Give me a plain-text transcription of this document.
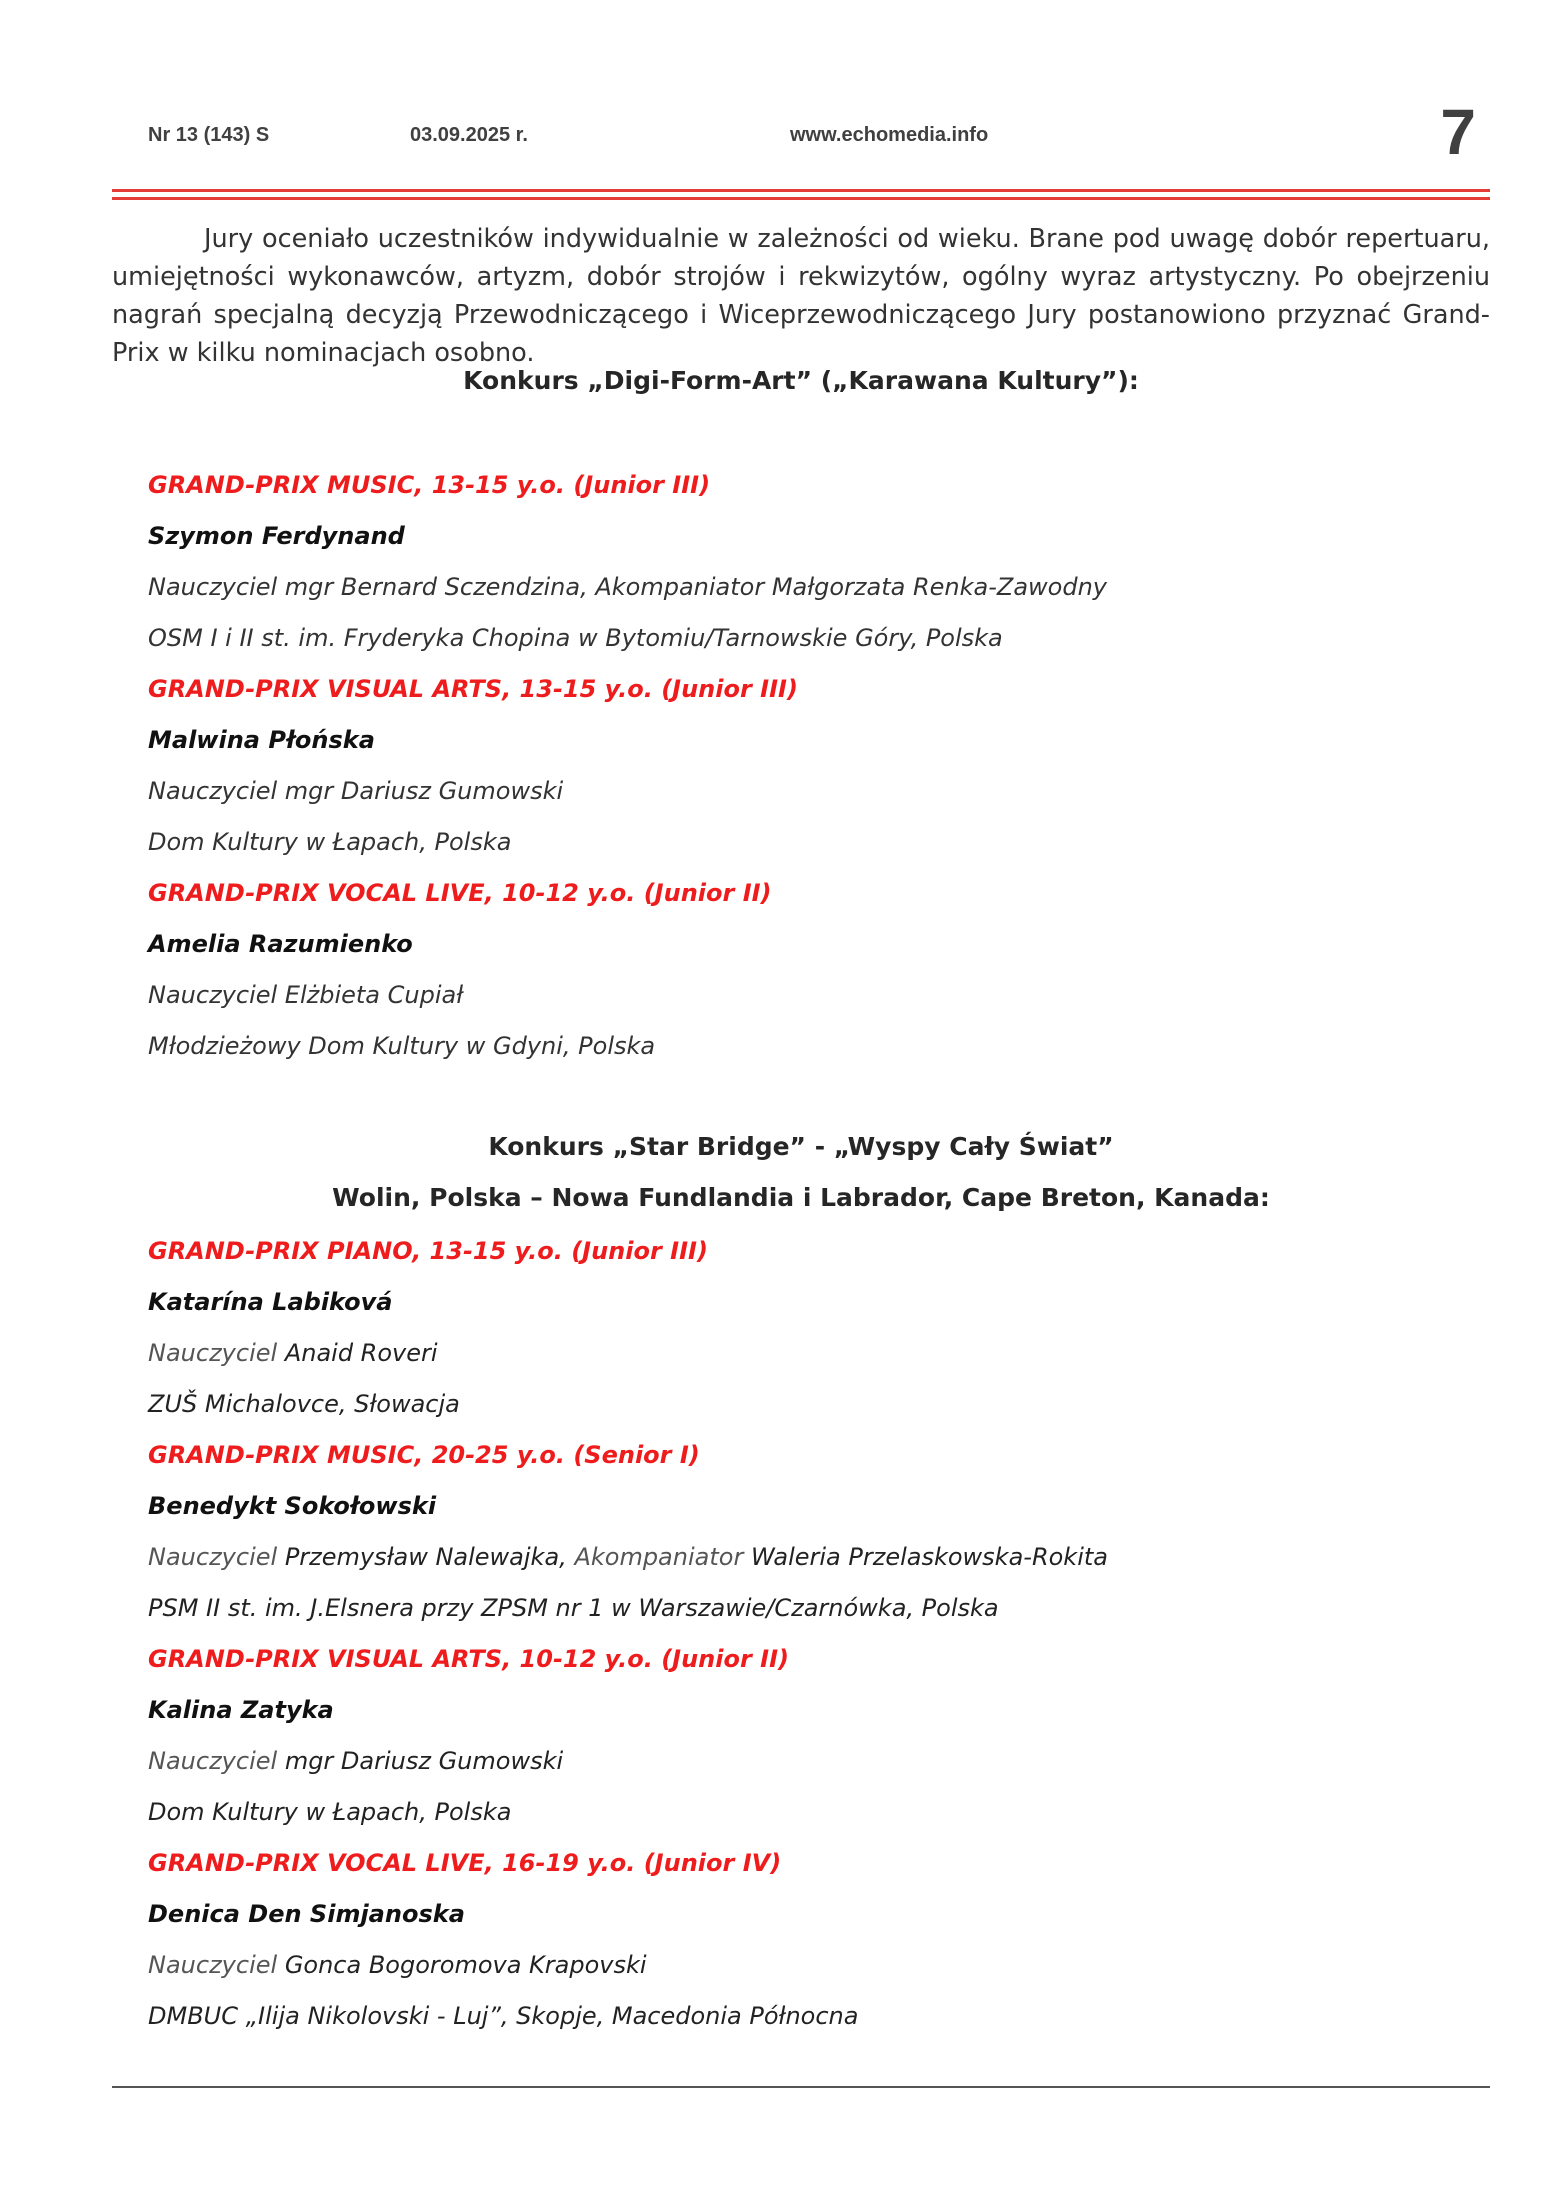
Nr 13 (143) S	03.09.2025 r.	www.echomedia.info	7

Jury oceniało uczestników indywidualnie w zależności od wieku. Brane pod uwagę dobór repertuaru, umiejętności wykonawców, artyzm, dobór strojów i rekwizytów, ogólny wyraz artystyczny. Po obejrzeniu nagrań specjalną decyzją Przewodniczącego i Wiceprzewodniczącego Jury postanowiono przyznać Grand-Prix w kilku nominacjach osobno.

Konkurs „Digi-Form-Art” („Karawana Kultury”):
GRAND-PRIX MUSIC, 13-15 y.o. (Junior III)
Szymon Ferdynand
Nauczyciel mgr Bernard Sczendzina, Akompaniator Małgorzata Renka-Zawodny
OSM I i II st. im. Fryderyka Chopina w Bytomiu/Tarnowskie Góry, Polska
GRAND-PRIX VISUAL ARTS, 13-15 y.o. (Junior III)
Malwina Płońska
Nauczyciel mgr Dariusz Gumowski
Dom Kultury w Łapach, Polska
GRAND-PRIX VOCAL LIVE, 10-12 y.o. (Junior II)
Amelia Razumienko
Nauczyciel Elżbieta Cupiał
Młodzieżowy Dom Kultury w Gdyni, Polska
Konkurs „Star Bridge” - „Wyspy Cały Świat”
Wolin, Polska – Nowa Fundlandia i Labrador, Cape Breton, Kanada:
GRAND-PRIX PIANO, 13-15 y.o. (Junior III)
Katarína Labiková
Nauczyciel Anaid Roveri
ZUŠ Michalovce, Słowacja
GRAND-PRIX MUSIC, 20-25 y.o. (Senior I)
Benedykt Sokołowski
Nauczyciel Przemysław Nalewajka, Akompaniator Waleria Przelaskowska-Rokita
PSM II st. im. J.Elsnera przy ZPSM nr 1 w Warszawie/Czarnówka, Polska
GRAND-PRIX VISUAL ARTS, 10-12 y.o. (Junior II)
Kalina Zatyka
Nauczyciel mgr Dariusz Gumowski
Dom Kultury w Łapach, Polska
GRAND-PRIX VOCAL LIVE, 16-19 y.o. (Junior IV)
Denica Den Simjanoska
Nauczyciel Gonca Bogoromova Krapovski
DMBUC „Ilija Nikolovski - Luj”, Skopje, Macedonia Północna
